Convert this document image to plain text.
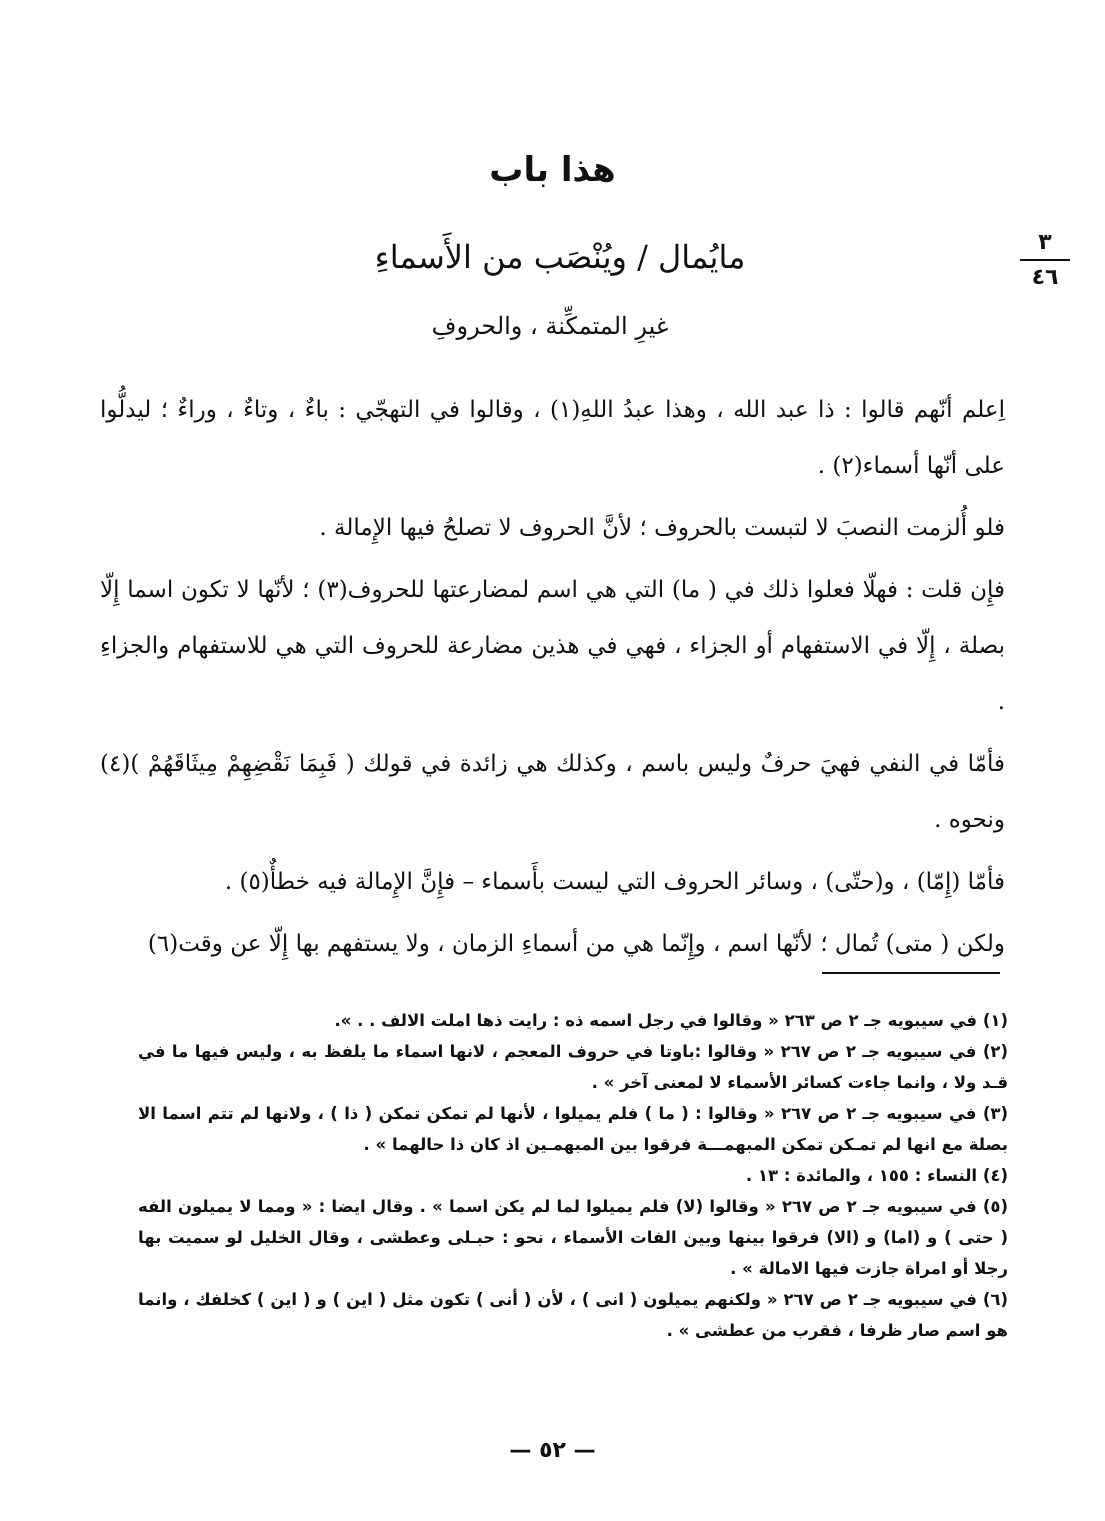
هذا باب
٣
٤٦
مايُمال / ويُنْصَب من الأَسماءِ
غيرِ المتمكِّنة ، والحروفِ

اِعلم أنّهم قالوا : ذا عبد الله ، وهذا عبدُ اللهِ(١) ، وقالوا في التهجّي : باءٌ ، وتاءٌ ، وراءٌ ؛ ليدلُّوا على أنّها أسماء(٢) .

فلو أُلزمت النصبَ لا لتبست بالحروف ؛ لأنَّ الحروف لا تصلحُ فيها الإِمالة .

فإِن قلت : فهلّا فعلوا ذلك في ( ما) التي هي اسم لمضارعتها للحروف(٣) ؛ لأنّها لا تكون اسما إِلّا بصلة ، إِلّا في الاستفهام أو الجزاء ، فهي في هذين مضارعة للحروف التي هي للاستفهام والجزاءِ .

فأمّا في النفي فهيَ حرفٌ وليس باسم ، وكذلك هي زائدة في قولك ( فَبِمَا نَقْضِهِمْ مِيثَاقَهُمْ )(٤) ونحوه .

فأمّا (إِمّا) ، و(حتّى) ، وسائر الحروف التي ليست بأَسماء – فإِنَّ الإِمالة فيه خطأٌ(٥) .

ولكن ( متى) تُمال ؛ لأنّها اسم ، وإِنّما هي من أسماءِ الزمان ، ولا يستفهم بها إِلّا عن وقت(٦)

(١) في سيبويه جـ ٢ ص ٢٦٣ « وقالوا في رجل اسمه ذه : رايت ذها املت الالف . . ».

(٢) في سيبويه جـ ٢ ص ٢٦٧ « وقالوا :باوتا في حروف المعجم ، لانها اسماء ما يلفظ به ، وليس فيها ما في قـد ولا ، وانما جاءت كسائر الأسماء لا لمعنى آخر » .

(٣) في سيبويه جـ ٢ ص ٢٦٧ « وقالوا : ( ما ) فلم يميلوا ، لأنها لم تمكن تمكن ( ذا ) ، ولانها لم تتم اسما الا بصلة مع انها لم تمـكن تمكن المبهمـــة فرقوا بين المبهمـين اذ كان ذا حالهما » .

(٤) النساء : ١٥٥ ، والمائدة : ١٣ .

(٥) في سيبويه جـ ٢ ص ٢٦٧ « وقالوا (لا) فلم يميلوا لما لم يكن اسما » . وقال ايضا : « ومما لا يميلون الفه ( حتى ) و (اما) و (الا) فرقوا بينها وبين الفات الأسماء ، نحو : حبـلى وعطشى ، وقال الخليل لو سميت بها رجلا أو امراة جازت فيها الامالة » .

(٦) في سيبويه جـ ٢ ص ٢٦٧ « ولكنهم يميلون ( انى ) ، لأن ( أنى ) تكون مثل ( اين ) و ( اين ) كخلفك ، وانما هو اسم صار ظرفا ، فقرب من عطشى » .

— ٥٢ —
